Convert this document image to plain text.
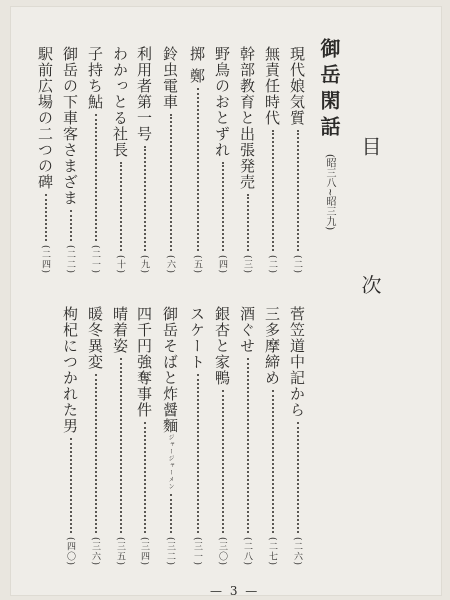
御岳閑話
(昭三八~昭三九) 目 次
— 3 —
現代娘気質
(二)
無責任時代
(二)
幹部教育と出張発売
(三)
野鳥のおとずれ
(四)
掷 鄭
(五)
鈴虫電車
(六)
利用者第一号
(九)
わかっとる社長
(十)
子持ち鮎
(二一)
御岳の下車客さまざま
(二二)
駅前広場の二つの碑
(二四)
菅笠道中記から
(二六)
三多摩締め
(二七)
酒ぐせ
(二八)
銀杏と家鴨
(三〇)
スケート
(三一)
御岳そばと炸醤麵
ジャージャーメン
(三二)
四千円強奪事件
(三四)
晴着姿
(三五)
暖冬異変
(三六)
枸杞につかれた男
(四〇)
